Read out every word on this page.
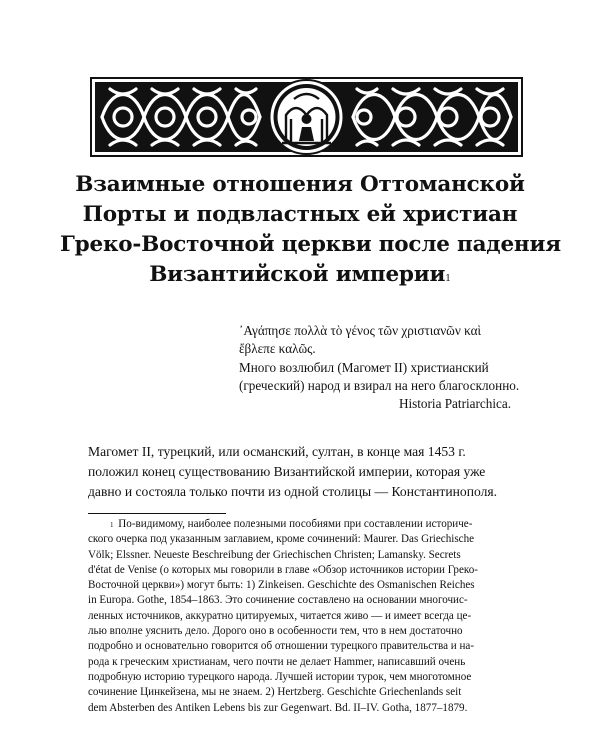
Взаимные отношения Оттоманской
Порты и подвластных ей христиан
Греко-Восточной церкви после падения
Византийской империи$^1$
᾿Αγάπησε πολλὰ τὸ γένος τῶν χριστιανῶν καὶ
ἔβλεπε καλῶς.
Много возлюбил (Магомет II) христианский
(греческий) народ и взирал на него благосклонно.
Historia Patriarchica.
Магомет II, турецкий, или османский, султан, в конце мая 1453 г.
положил конец существованию Византийской империи, которая уже
давно и состояла только почти из одной столицы — Константинополя.
$^1$ По-видимому, наиболее полезными пособиями при составлении историче-
ского очерка под указанным заглавием, кроме сочинений: Maurer. Das Griechische
Völk; Elssner. Neueste Beschreibung der Griechischen Christen; Lamansky. Secrets
d'état de Venise (о которых мы говорили в главе «Обзор источников истории Греко-
Восточной церкви») могут быть: 1) Zinkeisen. Geschichte des Osmanischen Reiches
in Europa. Gothe, 1854–1863. Это сочинение составлено на основании многочис-
ленных источников, аккуратно цитируемых, читается живо — и имеет всегда це-
лью вполне уяснить дело. Дорого оно в особенности тем, что в нем достаточно
подробно и основательно говорится об отношении турецкого правительства и на-
рода к греческим христианам, чего почти не делает Hammer, написавший очень
подробную историю турецкого народа. Лучшей истории турок, чем многотомное
сочинение Цинкейзена, мы не знаем. 2) Hertzberg. Geschichte Griechenlands seit
dem Absterben des Antiken Lebens bis zur Gegenwart. Bd. II–IV. Gotha, 1877–1879.
